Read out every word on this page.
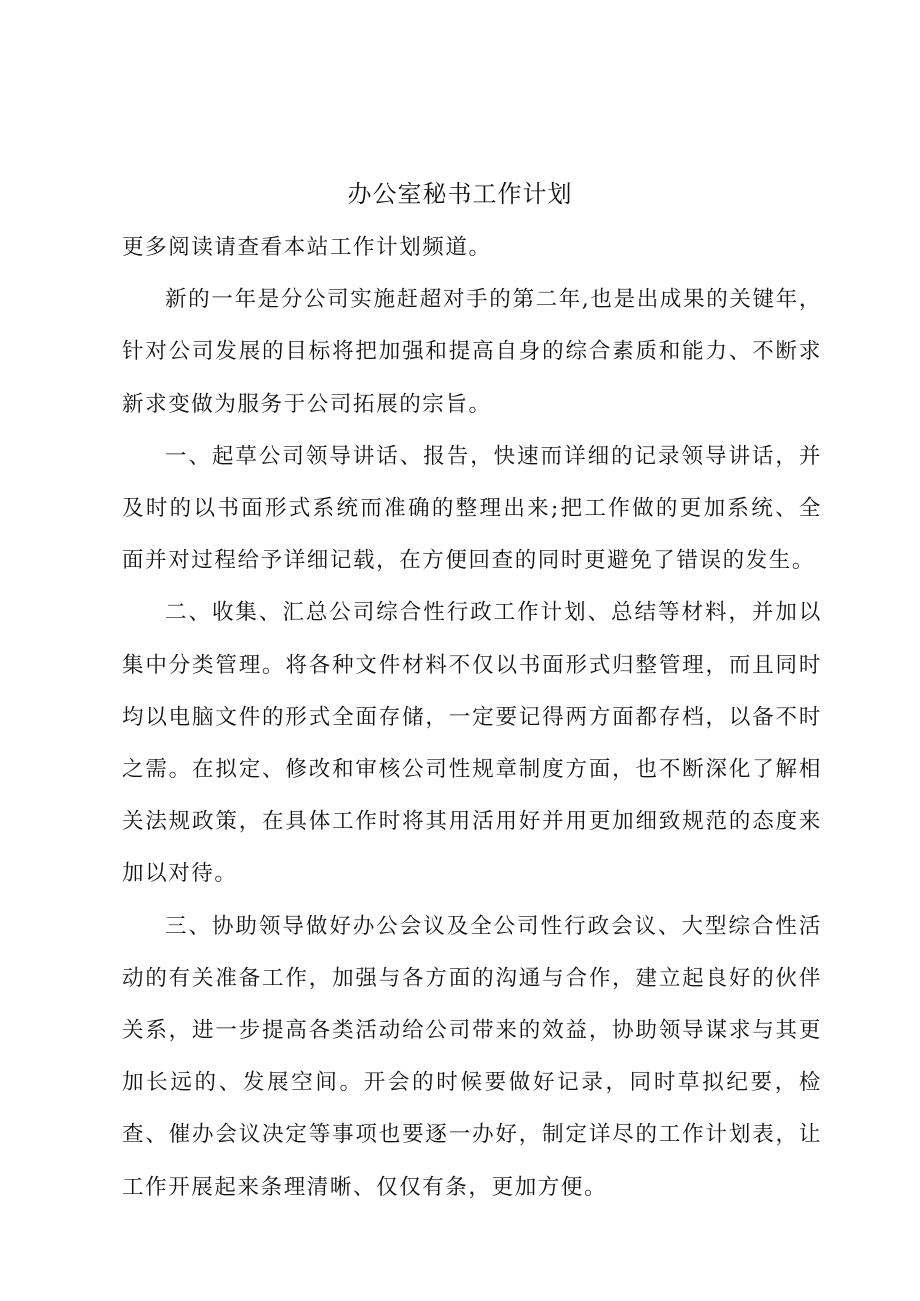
办公室秘书工作计划

更多阅读请查看本站工作计划频道。

新的一年是分公司实施赶超对手的第二年,也是出成果的关键年，针对公司发展的目标将把加强和提高自身的综合素质和能力、不断求新求变做为服务于公司拓展的宗旨。

一、起草公司领导讲话、报告，快速而详细的记录领导讲话，并及时的以书面形式系统而准确的整理出来;把工作做的更加系统、全面并对过程给予详细记载，在方便回查的同时更避免了错误的发生。

二、收集、汇总公司综合性行政工作计划、总结等材料，并加以集中分类管理。将各种文件材料不仅以书面形式归整管理，而且同时均以电脑文件的形式全面存储，一定要记得两方面都存档，以备不时之需。在拟定、修改和审核公司性规章制度方面，也不断深化了解相关法规政策，在具体工作时将其用活用好并用更加细致规范的态度来加以对待。

三、协助领导做好办公会议及全公司性行政会议、大型综合性活动的有关准备工作，加强与各方面的沟通与合作，建立起良好的伙伴关系，进一步提高各类活动给公司带来的效益，协助领导谋求与其更加长远的、发展空间。开会的时候要做好记录，同时草拟纪要，检查、催办会议决定等事项也要逐一办好，制定详尽的工作计划表，让工作开展起来条理清晰、仅仅有条，更加方便。
